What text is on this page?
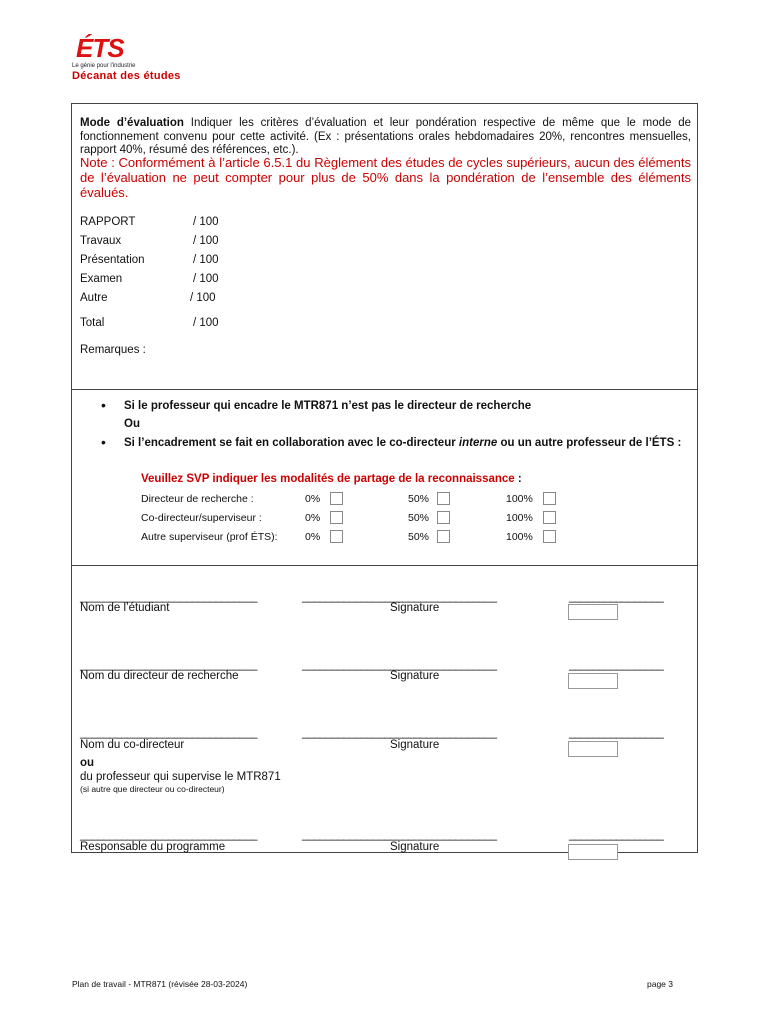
ÉTS
Le génie pour l'industrie
Décanat des études
Mode d’évaluation Indiquer les critères d’évaluation et leur pondération respective de même que le mode de fonctionnement convenu pour cette activité. (Ex : présentations orales hebdomadaires 20%, rencontres mensuelles, rapport 40%, résumé des références, etc.).
Note : Conformément à l’article 6.5.1 du Règlement des études de cycles supérieurs, aucun des éléments de l’évaluation ne peut compter pour plus de 50% dans la pondération de l’ensemble des éléments évalués.
RAPPORT	/ 100
Travaux	/ 100
Présentation	/ 100
Examen	/ 100
Autre	/ 100
Total	/ 100
Remarques :
• Si le professeur qui encadre le MTR871 n’est pas le directeur de recherche
Ou
• Si l’encadrement se fait en collaboration avec le co-directeur interne ou un autre professeur de l’ÉTS :
Veuillez SVP indiquer les modalités de partage de la reconnaissance :
Directeur de recherche :	0%	50%	100%
Co-directeur/superviseur :	0%	50%	100%
Autre superviseur (prof ÉTS):	0%	50%	100%
______________________________	_________________________________	________________
Nom de l’étudiant	Signature
______________________________	_________________________________	________________
Nom du directeur de recherche	Signature
______________________________	_________________________________	________________
Nom du co-directeur	Signature
ou
du professeur qui supervise le MTR871
(si autre que directeur ou co-directeur)
______________________________	_________________________________	________________
Responsable du programme	Signature
Plan de travail - MTR871 (révisée 28-03-2024)	page 3
